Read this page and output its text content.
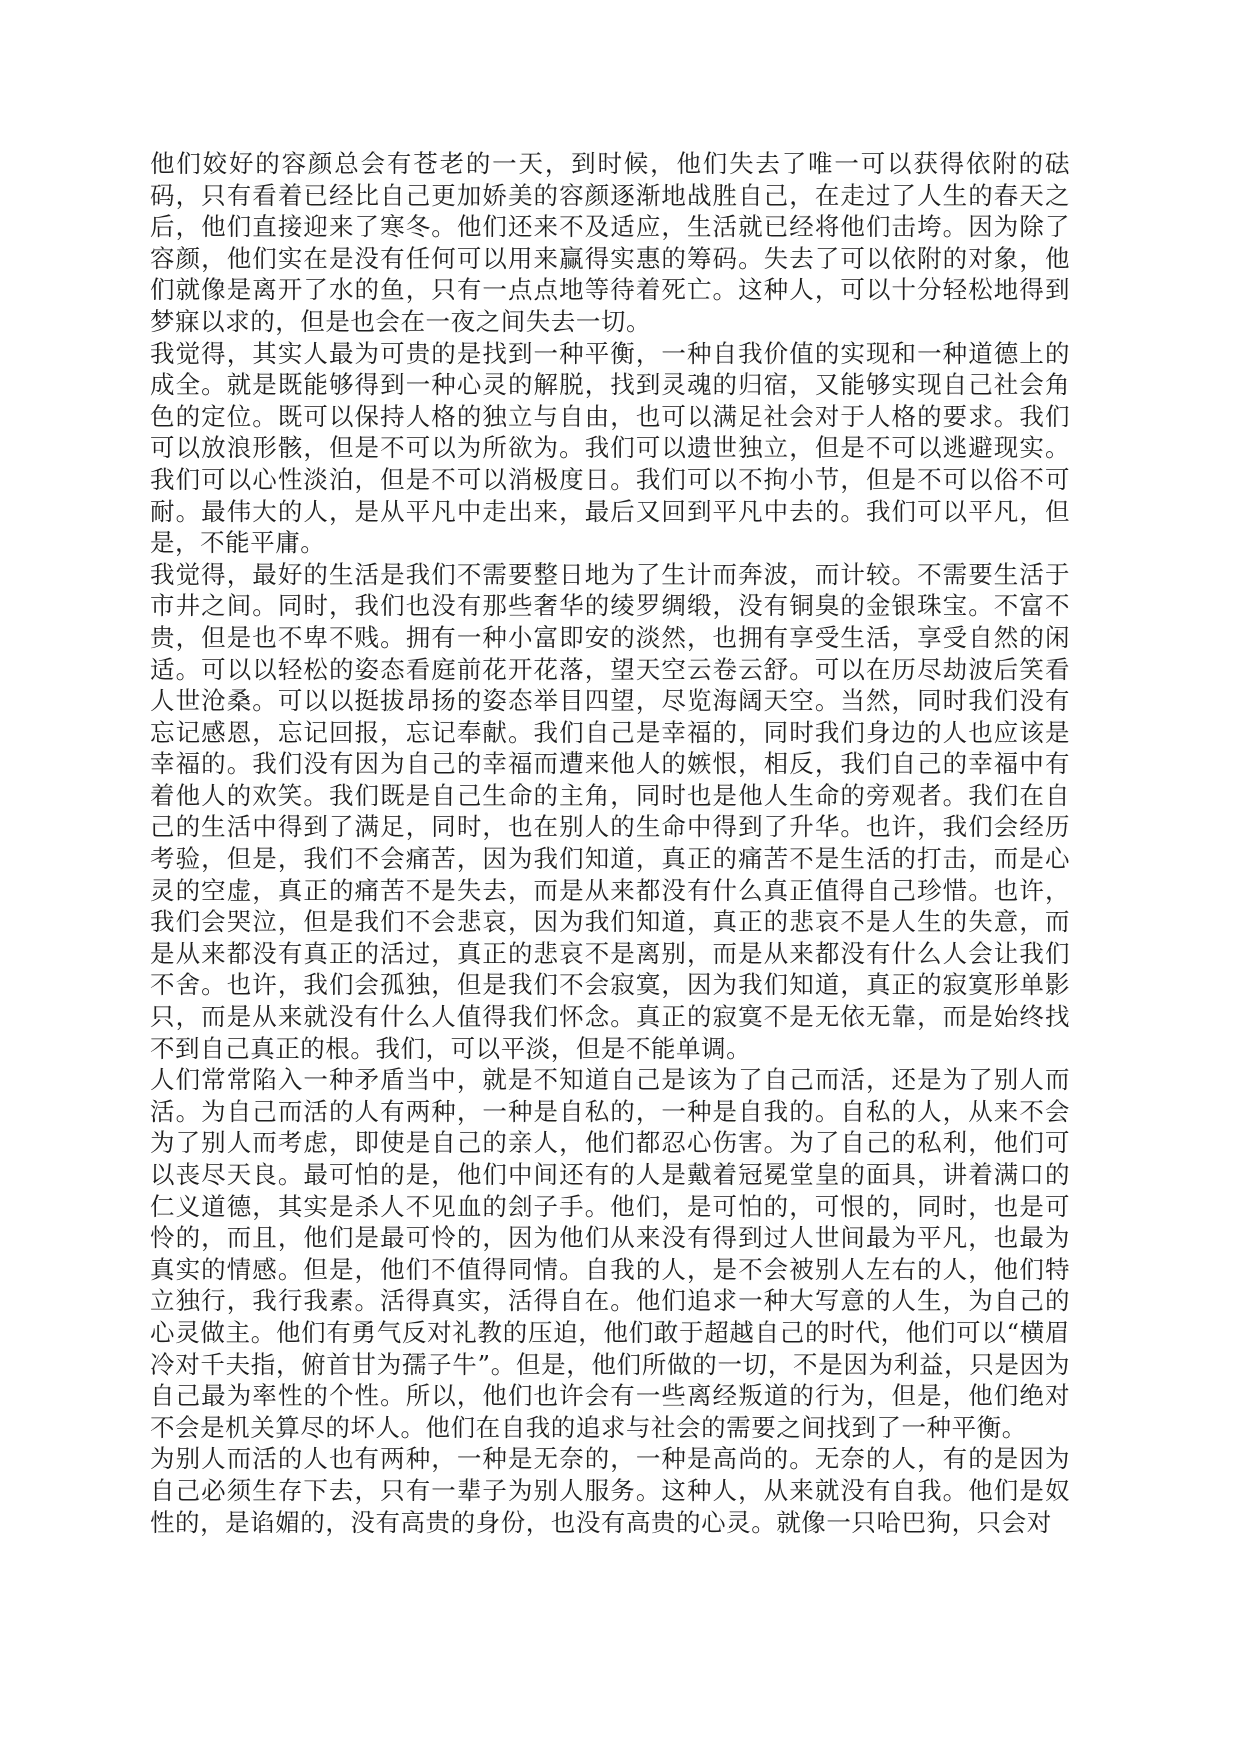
他们姣好的容颜总会有苍老的一天，到时候，他们失去了唯一可以获得依附的砝码，只有看着已经比自己更加娇美的容颜逐渐地战胜自己，在走过了人生的春天之后，他们直接迎来了寒冬。他们还来不及适应，生活就已经将他们击垮。因为除了容颜，他们实在是没有任何可以用来赢得实惠的筹码。失去了可以依附的对象，他们就像是离开了水的鱼，只有一点点地等待着死亡。这种人，可以十分轻松地得到梦寐以求的，但是也会在一夜之间失去一切。

我觉得，其实人最为可贵的是找到一种平衡，一种自我价值的实现和一种道德上的成全。就是既能够得到一种心灵的解脱，找到灵魂的归宿，又能够实现自己社会角色的定位。既可以保持人格的独立与自由，也可以满足社会对于人格的要求。我们可以放浪形骸，但是不可以为所欲为。我们可以遗世独立，但是不可以逃避现实。我们可以心性淡泊，但是不可以消极度日。我们可以不拘小节，但是不可以俗不可耐。最伟大的人，是从平凡中走出来，最后又回到平凡中去的。我们可以平凡，但是，不能平庸。

我觉得，最好的生活是我们不需要整日地为了生计而奔波，而计较。不需要生活于市井之间。同时，我们也没有那些奢华的绫罗绸缎，没有铜臭的金银珠宝。不富不贵，但是也不卑不贱。拥有一种小富即安的淡然，也拥有享受生活，享受自然的闲适。可以以轻松的姿态看庭前花开花落，望天空云卷云舒。可以在历尽劫波后笑看人世沧桑。可以以挺拔昂扬的姿态举目四望，尽览海阔天空。当然，同时我们没有忘记感恩，忘记回报，忘记奉献。我们自己是幸福的，同时我们身边的人也应该是幸福的。我们没有因为自己的幸福而遭来他人的嫉恨，相反，我们自己的幸福中有着他人的欢笑。我们既是自己生命的主角，同时也是他人生命的旁观者。我们在自己的生活中得到了满足，同时，也在别人的生命中得到了升华。也许，我们会经历考验，但是，我们不会痛苦，因为我们知道，真正的痛苦不是生活的打击，而是心灵的空虚，真正的痛苦不是失去，而是从来都没有什么真正值得自己珍惜。也许，我们会哭泣，但是我们不会悲哀，因为我们知道，真正的悲哀不是人生的失意，而是从来都没有真正的活过，真正的悲哀不是离别，而是从来都没有什么人会让我们不舍。也许，我们会孤独，但是我们不会寂寞，因为我们知道，真正的寂寞形单影只，而是从来就没有什么人值得我们怀念。真正的寂寞不是无依无靠，而是始终找不到自己真正的根。我们，可以平淡，但是不能单调。

人们常常陷入一种矛盾当中，就是不知道自己是该为了自己而活，还是为了别人而活。为自己而活的人有两种，一种是自私的，一种是自我的。自私的人，从来不会为了别人而考虑，即使是自己的亲人，他们都忍心伤害。为了自己的私利，他们可以丧尽天良。最可怕的是，他们中间还有的人是戴着冠冕堂皇的面具，讲着满口的仁义道德，其实是杀人不见血的刽子手。他们，是可怕的，可恨的，同时，也是可怜的，而且，他们是最可怜的，因为他们从来没有得到过人世间最为平凡，也最为真实的情感。但是，他们不值得同情。自我的人，是不会被别人左右的人，他们特立独行，我行我素。活得真实，活得自在。他们追求一种大写意的人生，为自己的心灵做主。他们有勇气反对礼教的压迫，他们敢于超越自己的时代，他们可以“横眉冷对千夫指，俯首甘为孺子牛”。但是，他们所做的一切，不是因为利益，只是因为自己最为率性的个性。所以，他们也许会有一些离经叛道的行为，但是，他们绝对不会是机关算尽的坏人。他们在自我的追求与社会的需要之间找到了一种平衡。

为别人而活的人也有两种，一种是无奈的，一种是高尚的。无奈的人，有的是因为自己必须生存下去，只有一辈子为别人服务。这种人，从来就没有自我。他们是奴性的，是谄媚的，没有高贵的身份，也没有高贵的心灵。就像一只哈巴狗，只会对
